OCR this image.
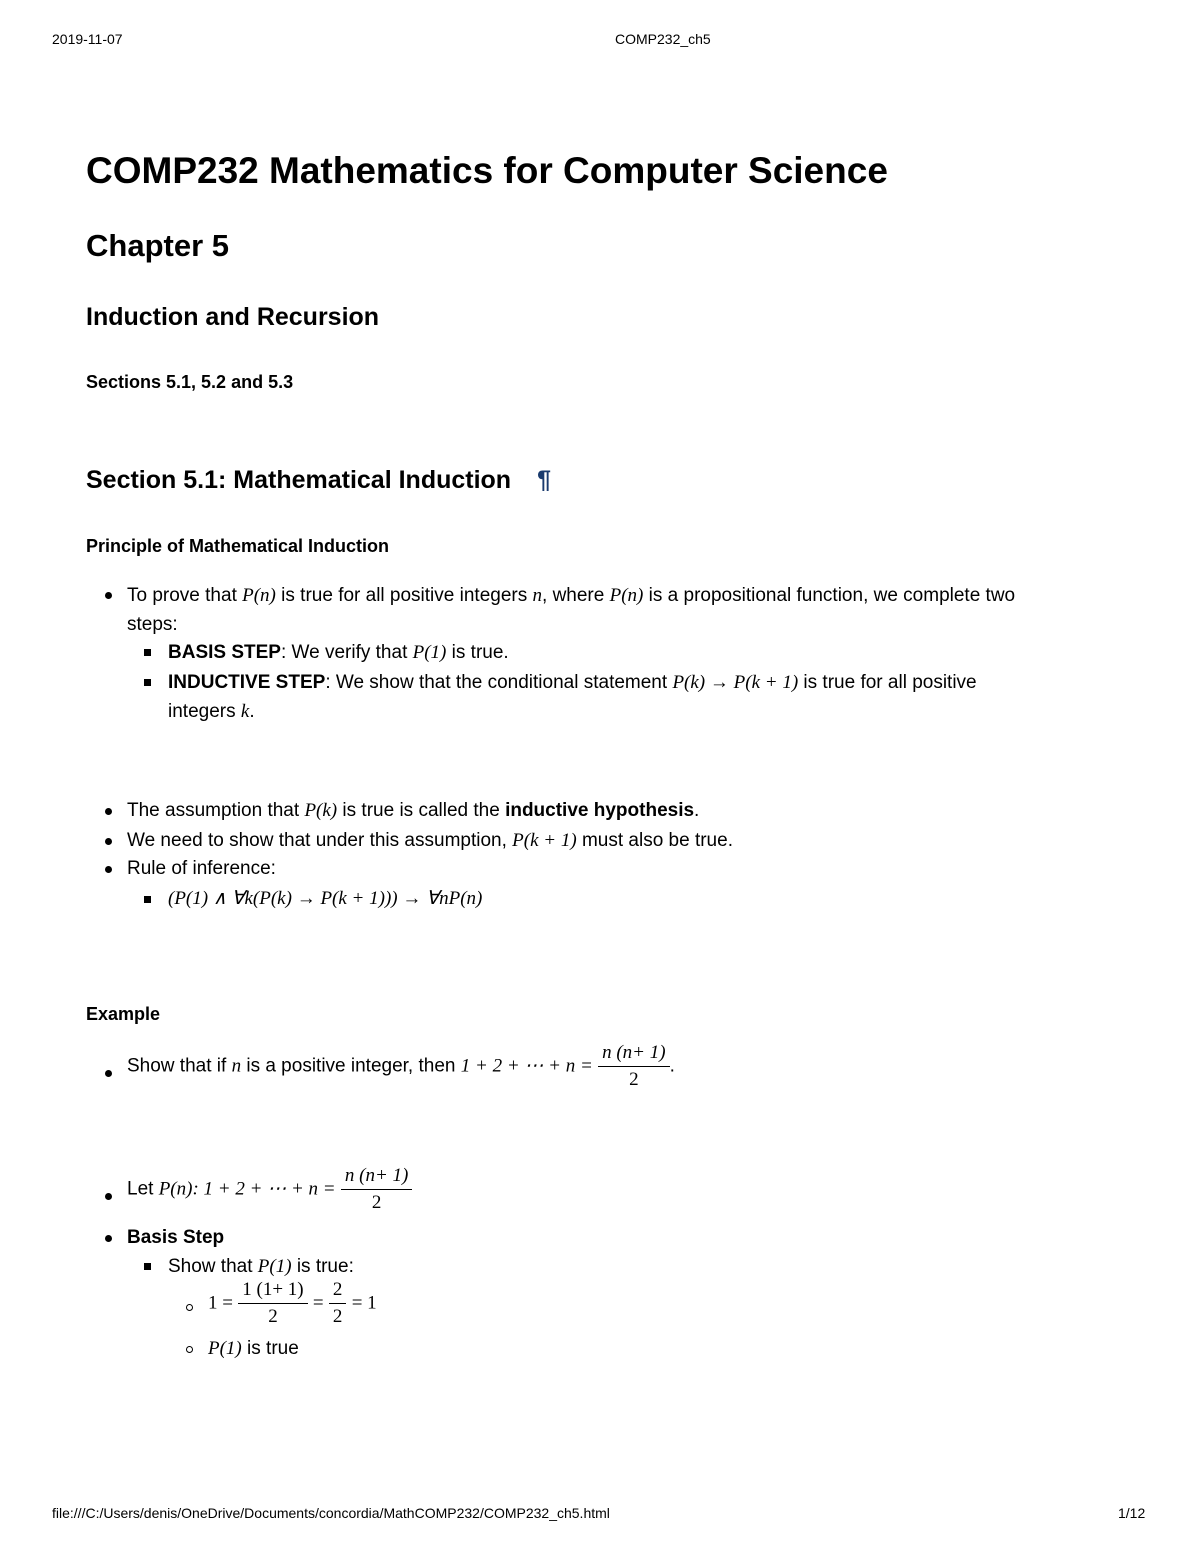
2019-11-07	COMP232_ch5
COMP232 Mathematics for Computer Science
Chapter 5
Induction and Recursion
Sections 5.1, 5.2 and 5.3
Section 5.1: Mathematical Induction ¶
Principle of Mathematical Induction
To prove that P(n) is true for all positive integers n, where P(n) is a propositional function, we complete two
steps:
BASIS STEP: We verify that P(1) is true.
INDUCTIVE STEP: We show that the conditional statement P(k) → P(k + 1) is true for all positive
integers k.
The assumption that P(k) is true is called the inductive hypothesis.
We need to show that under this assumption, P(k + 1) must also be true.
Rule of inference:
(P(1) ∧ ∀k(P(k) → P(k + 1))) → ∀nP(n)
Example
Show that if n is a positive integer, then 1 + 2 + ⋯ + $n = \frac{n (n+ 1)}{2}$ .
Let P(n): 1 + 2 + ⋯ + $n = \frac{n (n+ 1)}{2}$
Basis Step
Show that P(1) is true:
$1 = \frac{1 (1+ 1)}{2} = \frac{2}{2} = 1$
P(1) is true
file:///C:/Users/denis/OneDrive/Documents/concordia/MathCOMP232/COMP232_ch5.html	1/12
